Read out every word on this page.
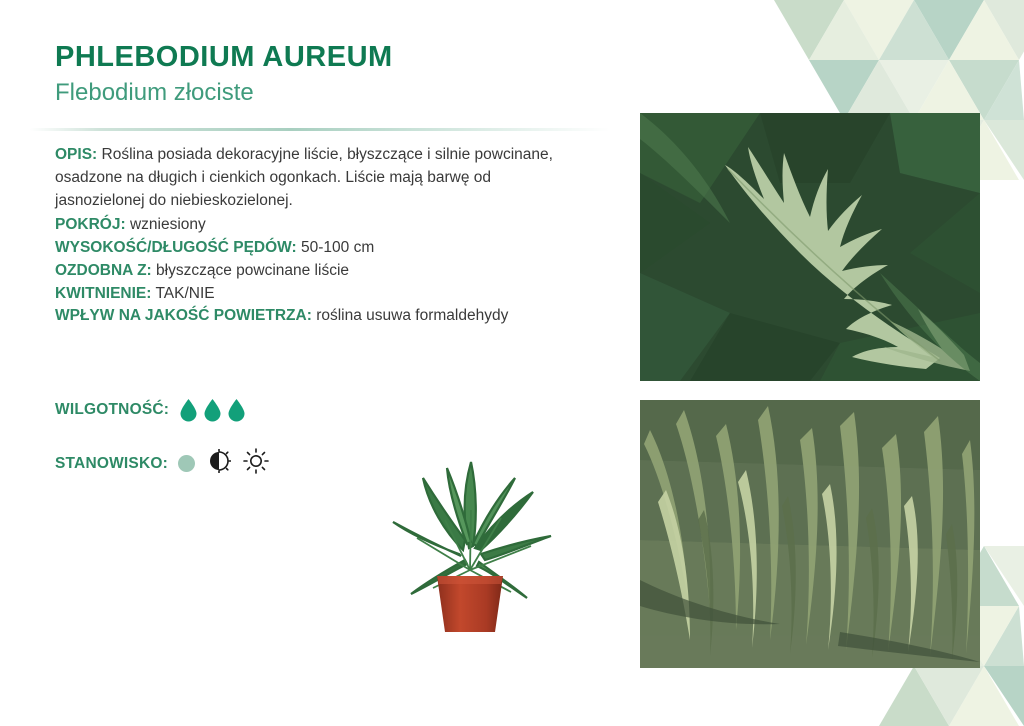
PHLEBODIUM AUREUM
Flebodium złociste

OPIS: Roślina posiada dekoracyjne liście, błyszczące i silnie powcinane, osadzone na długich i cienkich ogonkach. Liście mają barwę od jasnozielonej do niebieskozielonej.

POKRÓJ: wzniesiony

WYSOKOŚĆ/DŁUGOŚĆ PĘDÓW: 50-100 cm

OZDOBNA Z: błyszczące powcinane liście

KWITNIENIE: TAK/NIE

WPŁYW NA JAKOŚĆ POWIETRZA: roślina usuwa formaldehydy

WILGOTNOŚĆ:
STANOWISKO:
